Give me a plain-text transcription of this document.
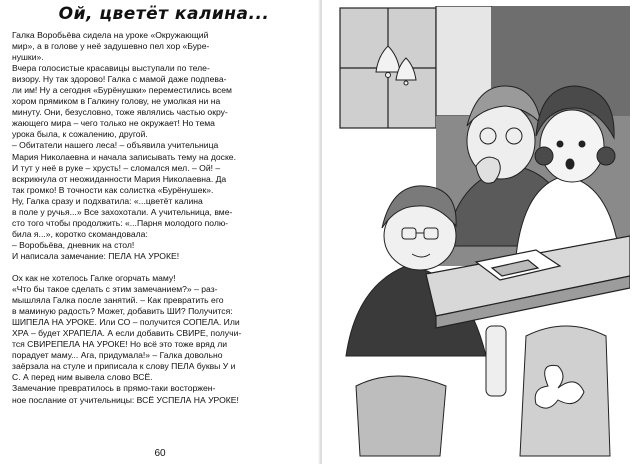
Ой, цветёт калина...

Галка Воробьёва сидела на уроке «Окружающий

мир», а в голове у неё задушевно пел хор «Буре-

нушки».

Вчера голосистые красавицы выступали по теле-

визору. Ну так здорово! Галка с мамой даже подпева-

ли им! Ну а сегодня «Бурёнушки» переместились всем

хором прямиком в Галкину голову, не умолкая ни на

минуту. Они, безусловно, тоже являлись частью окру-

жающего мира – чего только не окружает! Но тема

урока была, к сожалению, другой.

– Обитатели нашего леса! – объявила учительница

Мария Николаевна и начала записывать тему на доске.

И тут у неё в руке – хрусть! – сломался мел. – Ой! –

вскрикнула от неожиданности Мария Николаевна. Да

так громко! В точности как солистка «Бурёнушек».

Ну, Галка сразу и подхватила: «...цветёт калина

в поле у ручья...» Все захохотали. А учительница, вме-

сто того чтобы продолжить: «...Парня молодого полю-

била я...», коротко скомандовала:

– Воробьёва, дневник на стол!

И написала замечание: ПЕЛА НА УРОКЕ!

Ох как не хотелось Галке огорчать маму!

«Что бы такое сделать с этим замечанием?» – раз-

мышляла Галка после занятий. – Как превратить его

в маминую радость? Может, добавить ШИ? Получится:

ШИПЕЛА НА УРОКЕ. Или СО – получится СОПЕЛА. Или

ХРА – будет ХРАПЕЛА. А если добавить СВИРЕ, получи-

тся СВИРЕПЕЛА НА УРОКЕ! Но всё это тоже вряд ли

порадует маму... Ага, придумала!» – Галка довольно

заёрзала на стуле и приписала к слову ПЕЛА буквы У и

С. А перед ним вывела слово ВСЁ.

Замечание превратилось в прямо-таки восторжен-

ное послание от учительницы: ВСЁ УСПЕЛА НА УРОКЕ!

60
